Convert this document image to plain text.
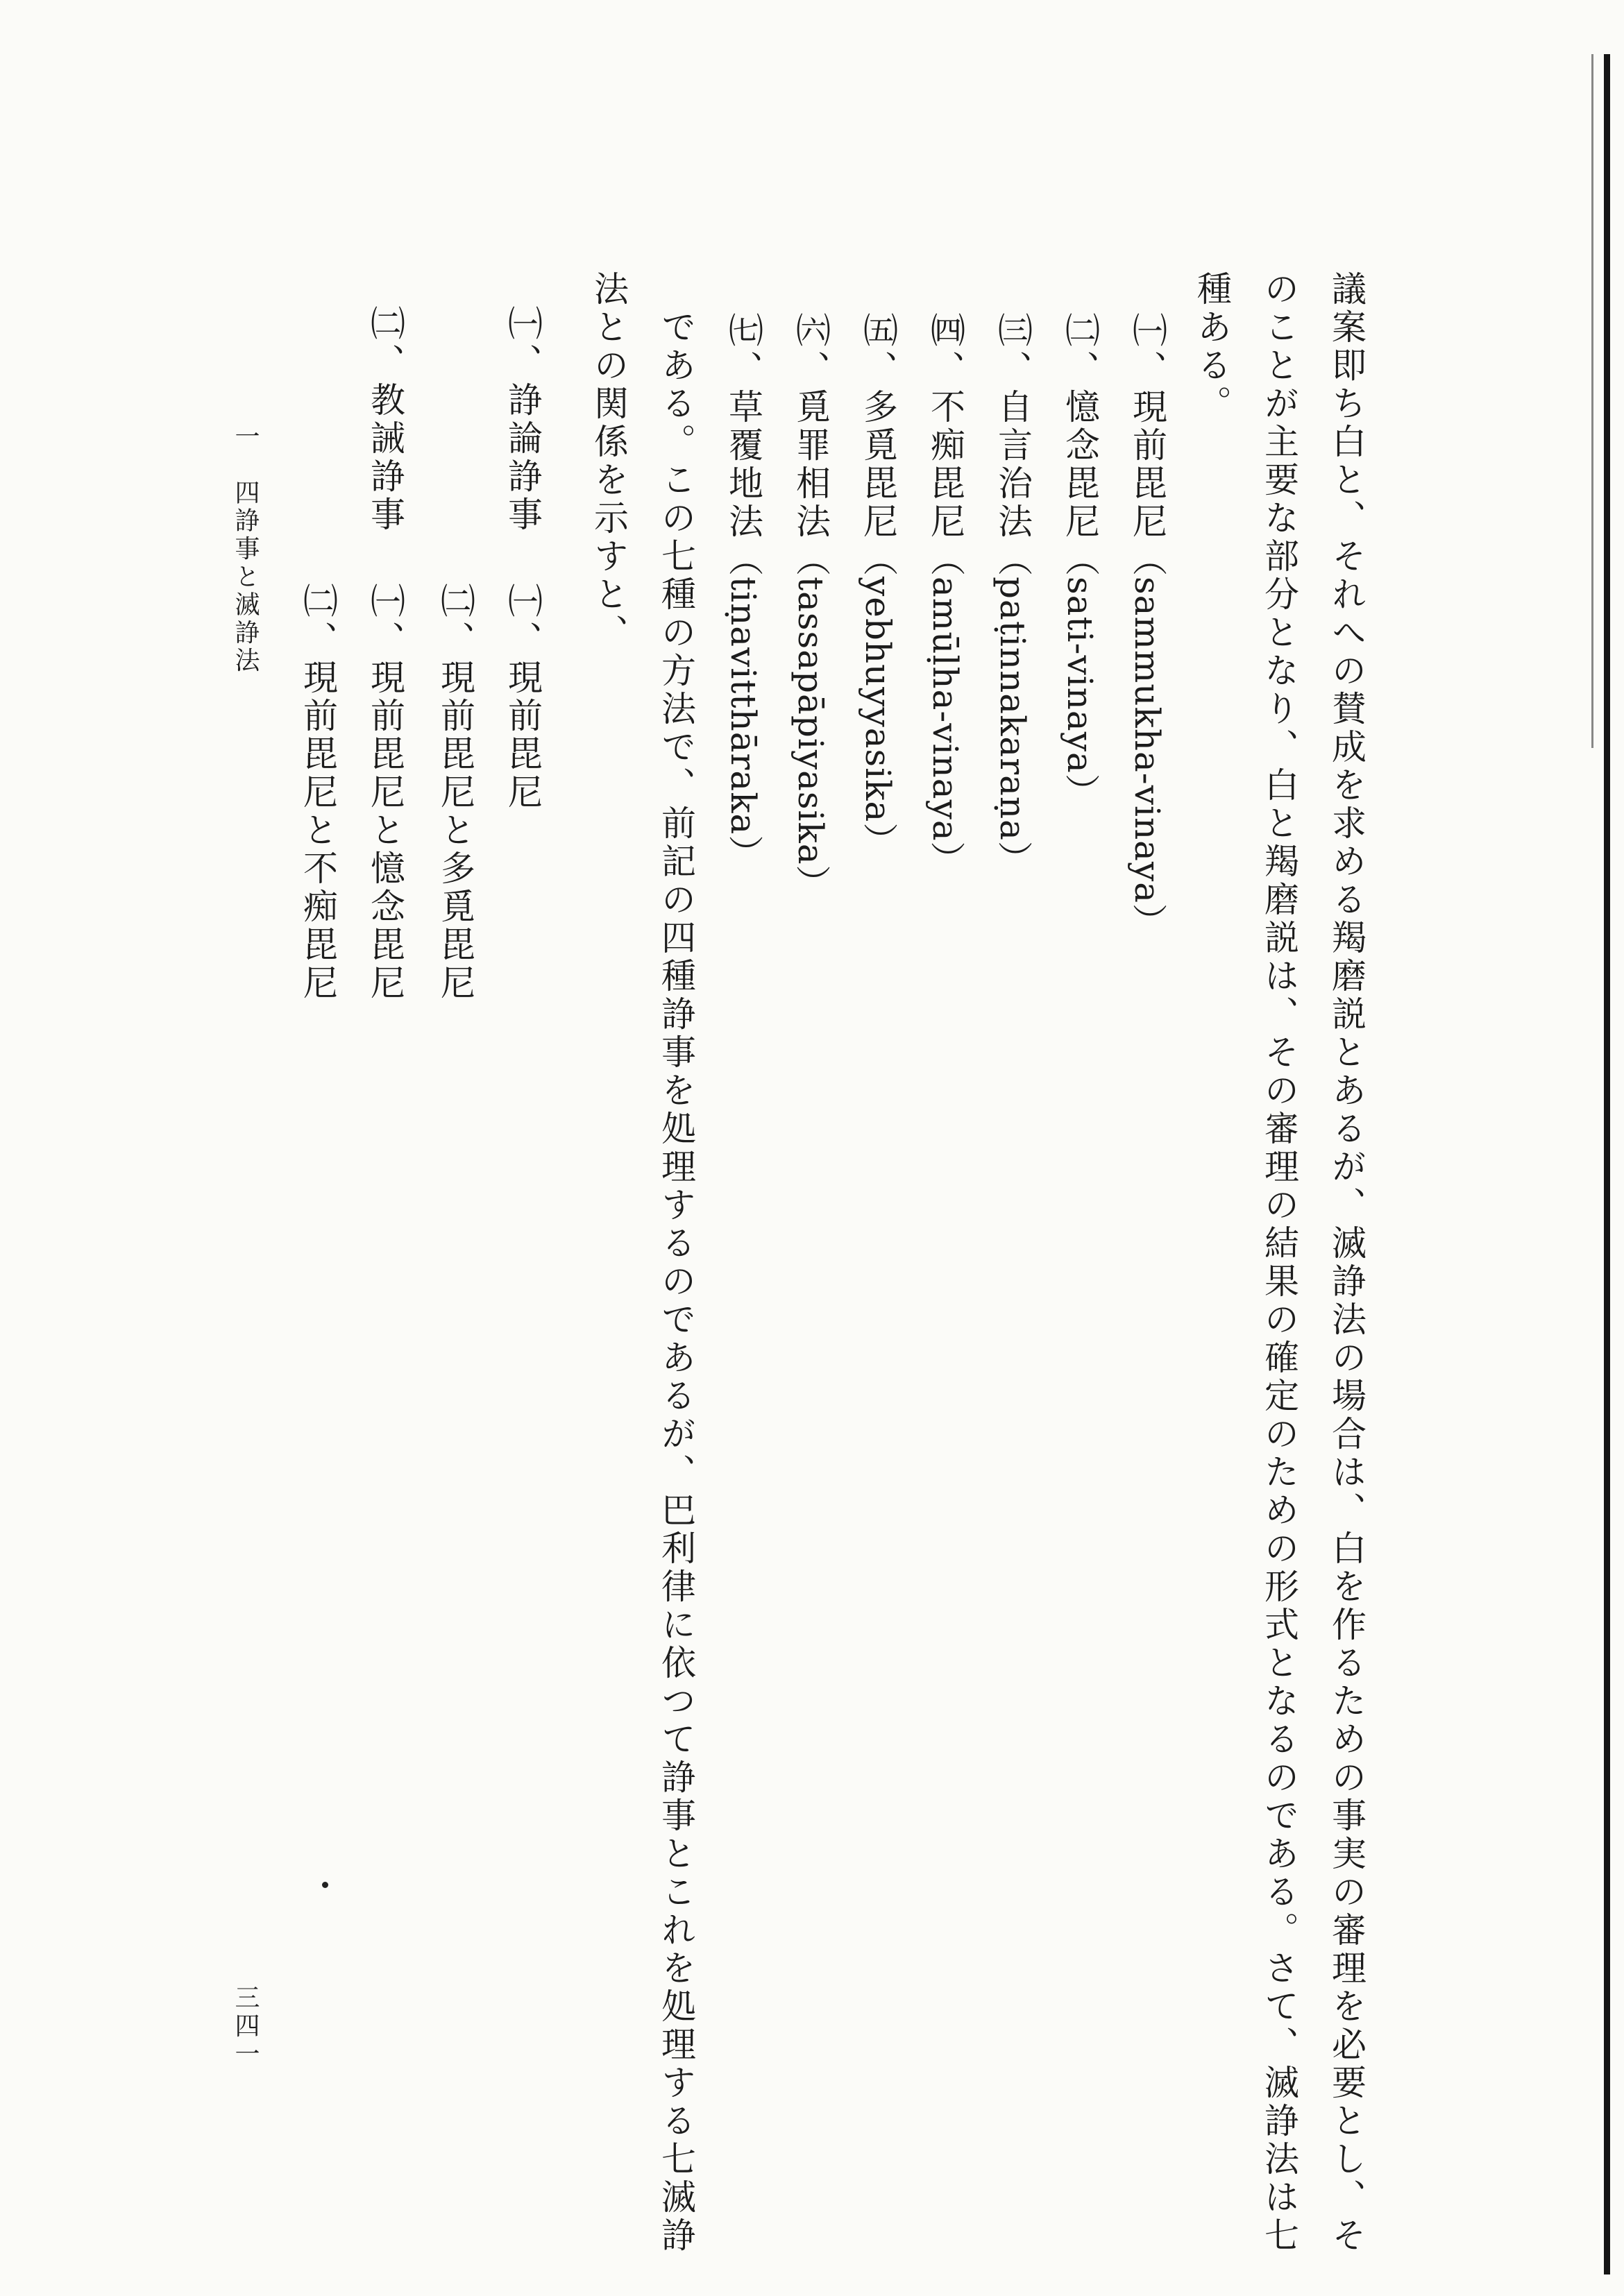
議案即ち白と、それへの賛成を求める羯磨説とあるが、滅諍法の場合は、白を作るための事実の審理を必要とし、そ
のことが主要な部分となり、白と羯磨説は、その審理の結果の確定のための形式となるのである。さて、滅諍法は七
種ある。
㈠、現前毘尼（sammukha-vinaya）
㈡、憶念毘尼（sati-vinaya）
㈢、自言治法（paṭinnakaraṇa）
㈣、不痴毘尼（amūḷha-vinaya）
㈤、多覓毘尼（yebhuyyasika）
㈥、覓罪相法（tassapāpiyasika）
㈦、草覆地法（tiṇavitthāraka）
である。この七種の方法で、前記の四種諍事を処理するのであるが、巴利律に依つて諍事とこれを処理する七滅諍
法との関係を示すと、
㈠、諍論諍事
㈠、現前毘尼
㈡、現前毘尼と多覓毘尼
㈡、教誡諍事
㈠、現前毘尼と憶念毘尼
㈡、現前毘尼と不痴毘尼
一　四諍事と滅諍法
三四一
